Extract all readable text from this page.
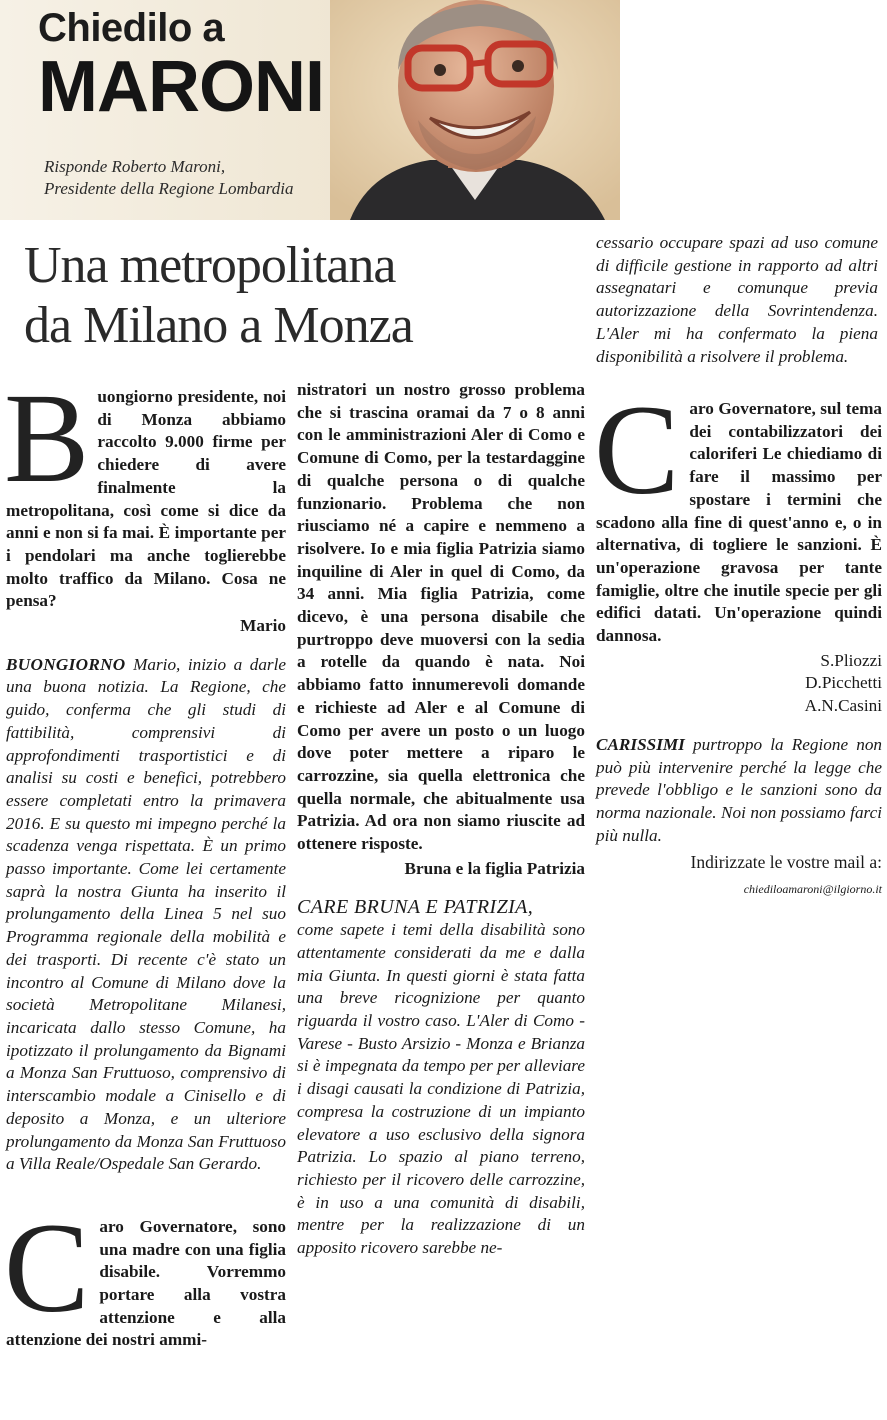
Chiedilo a
MARONI
Risponde Roberto Maroni,
Presidente della Regione Lombardia
Una metropolitana
da Milano a Monza

cessario occupare spazi ad uso comune di difficile gestione in rapporto ad altri assegnatari e comunque previa autorizzazione della Sovrintendenza. L'Aler mi ha confermato la piena disponibilità a risolvere il problema.

B uongiorno presidente, noi di Monza abbiamo raccolto 9.000 firme per chiedere di avere finalmente la metropolitana, così come si dice da anni e non si fa mai. È importante per i pendolari ma anche toglierebbe molto traffico da Milano. Cosa ne pensa?
Mario
BUONGIORNO Mario, inizio a darle una buona notizia. La Regione, che guido, conferma che gli studi di fattibilità, comprensivi di approfondimenti trasportistici e di analisi su costi e benefici, potrebbero essere completati entro la primavera 2016. E su questo mi impegno perché la scadenza venga rispettata. È un primo passo importante. Come lei certamente saprà la nostra Giunta ha inserito il prolungamento della Linea 5 nel suo Programma regionale della mobilità e dei trasporti. Di recente c'è stato un incontro al Comune di Milano dove la società Metropolitane Milanesi, incaricata dallo stesso Comune, ha ipotizzato il prolungamento da Bignami a Monza San Fruttuoso, comprensivo di interscambio modale a Cinisello e di deposito a Monza, e un ulteriore prolungamento da Monza San Fruttuoso a Villa Reale/Ospedale San Gerardo.
C aro Governatore, sono una madre con una figlia disabile. Vorremmo portare alla vostra attenzione e alla attenzione dei nostri ammi-

nistratori un nostro grosso problema che si trascina oramai da 7 o 8 anni con le amministrazioni Aler di Como e Comune di Como, per la testardaggine di qualche persona o di qualche funzionario. Problema che non riusciamo né a capire e nemmeno a risolvere. Io e mia figlia Patrizia siamo inquiline di Aler in quel di Como, da 34 anni. Mia figlia Patrizia, come dicevo, è una persona disabile che purtroppo deve muoversi con la sedia a rotelle da quando è nata. Noi abbiamo fatto innumerevoli domande e richieste ad Aler e al Comune di Como per avere un posto o un luogo dove poter mettere a riparo le carrozzine, sia quella elettronica che quella normale, che abitualmente usa Patrizia. Ad ora non siamo riuscite ad ottenere risposte.

Bruna e la figlia Patrizia
CARE BRUNA E PATRIZIA,
come sapete i temi della disabilità sono attentamente considerati da me e dalla mia Giunta. In questi giorni è stata fatta una breve ricognizione per quanto riguarda il vostro caso. L'Aler di Como - Varese - Busto Arsizio - Monza e Brianza si è impegnata da tempo per per alleviare i disagi causati la condizione di Patrizia, compresa la costruzione di un impianto elevatore a uso esclusivo della signora Patrizia. Lo spazio al piano terreno, richiesto per il ricovero delle carrozzine, è in uso a una comunità di disabili, mentre per la realizzazione di un apposito ricovero sarebbe ne-
C aro Governatore, sul tema dei contabilizzatori dei caloriferi Le chiediamo di fare il massimo per spostare i termini che scadono alla fine di quest'anno e, o in alternativa, di togliere le sanzioni. È un'operazione gravosa per tante famiglie, oltre che inutile specie per gli edifici datati. Un'operazione quindi dannosa.
S.Pliozzi
D.Picchetti
A.N.Casini
CARISSIMI purtroppo la Regione non può più intervenire perché la legge che prevede l'obbligo e le sanzioni sono da norma nazionale. Noi non possiamo farci più nulla.
Indirizzate le vostre mail a:
chiediloamaroni@ilgiorno.it
